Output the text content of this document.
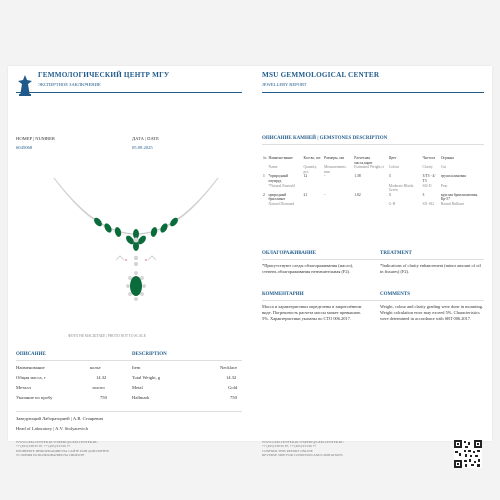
ГЕММОЛОГИЧЕСКИЙ ЦЕНТР МГУ
ЭКСПЕРТНОЕ ЗАКЛЮЧЕНИЕ
MSU GEMMOLOGICAL CENTER
JEWELLERY REPORT
НОМЕР | NUMBER
6045068
ДАТА | DATE
05.09.2025
ФОТО НЕ МАСШТАБЕ | PHOTO NOT TO SCALE
ОПИСАНИЕ	DESCRIPTION
Наименование	колье	Item	Necklace
Общая масса, г	14.32	Total Weight, g	14.32
Металл	золото	Metal	Gold
Указание по пробу	750	Hallmark	750
Заведующий Лабораторией | А.В. Стояревич
Head of Laboratory | A.V. Stolyarevich
ОПИСАНИЕ КАМНЕЙ | GEMSTONES DESCRIPTION
№	Наимено-вание	Кол-во, шт.	Размеры, мм	Расчетная масса,карат	Цвет	Чистота	Огранка
	Name	Quantity, pcs	Measurements, mm	Estimated Weight,ct	Colour	Clarity	Cut
1	*природный изумруд	12	-	1.38	3	3/Т3 - 4/Т3	груша клиновая
	*Natural Emerald				Moderate Bluish Green	SI2-I1	Pear
2	природный бриллиант	21	-	1.02	3	3	круглая бриллиантовая, Кр-57
	Natural Diamond				G-H	SI1-SI2	Round Brilliant
ОБЛАГОРАЖИВАНИЕ	TREATMENT
*Присутствуют следы облагораживания (масло), степень облагораживания незначительная (F2).
*Indications of clarity enhancement (minor amount of oil in fissures) (F2).
КОММЕНТАРИИ	COMMENTS
Масса и характеристики определены в закреплённом виде. Погрешность расчета массы может превышать 5%. Характеристики указаны по СТО 006.2017.
Weight, colour and clarity grading were done in mounting. Weight calculation error may exceed 5%. Characteristics were determined in accordance with SRT 006.2017.
WWW.GEM-CENTER.RU EXPERT@GEM-CENTER.RU
+7 (495) 938 95 87, +7 (495) 933 66 77
ПРОВЕРЬТЕ ИНФОРМАЦИЮ НА САЙТЕ ИЛИ ДОКУМЕНТЕ
УСЛОВИЯ ИСПОЛЬЗОВАНИЯ НА ОБОРОТЕ
WWW.GEM-CENTER.RU EXPERT@GEM-CENTER.RU
+7 (495) 938 95 87, +7 (495) 933 66 77
CONFIRM THIS REPORT ONLINE
REVERSE SIDE FOR CONDITION AND LIMITATIONS
